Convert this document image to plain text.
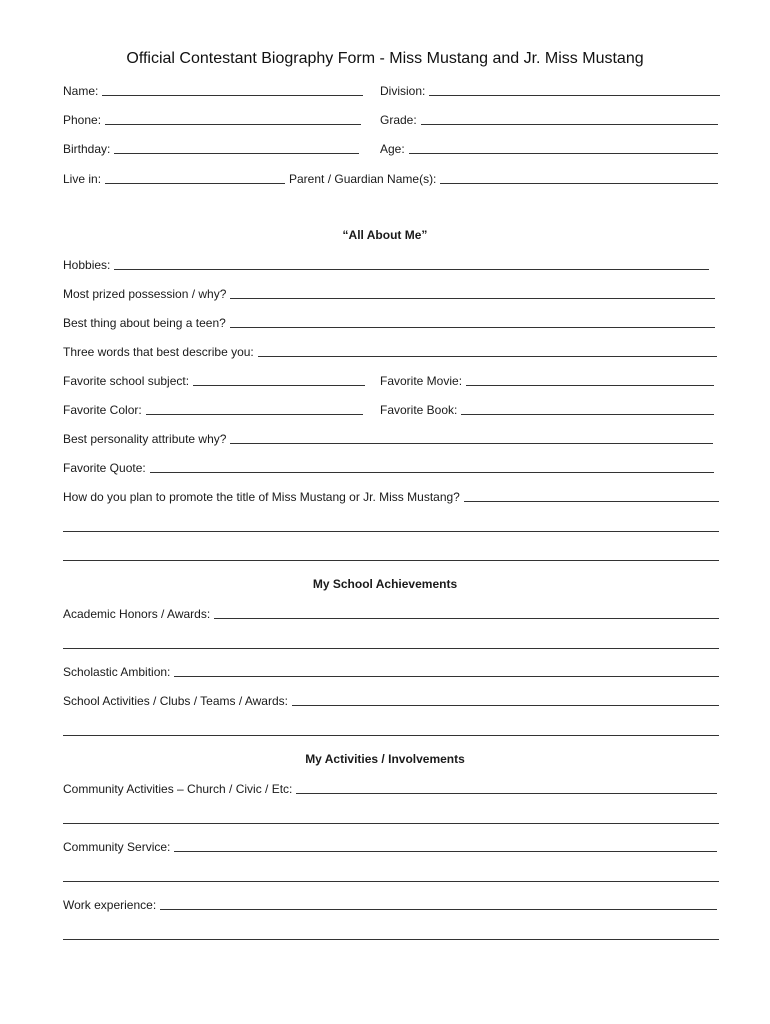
Official Contestant Biography Form - Miss Mustang and Jr. Miss Mustang
Name:	Division:
Phone:	Grade:
Birthday:	Age:
Live in:	Parent / Guardian Name(s):
“All About Me”
Hobbies:
Most prized possession / why?
Best thing about being a teen?
Three words that best describe you:
Favorite school subject:	Favorite Movie:
Favorite Color:	Favorite Book:
Best personality attribute why?
Favorite Quote:
How do you plan to promote the title of Miss Mustang or Jr. Miss Mustang?
My School Achievements
Academic Honors / Awards:
Scholastic Ambition:
School Activities / Clubs / Teams / Awards:
My Activities / Involvements
Community Activities – Church / Civic / Etc:
Community Service:
Work experience:
